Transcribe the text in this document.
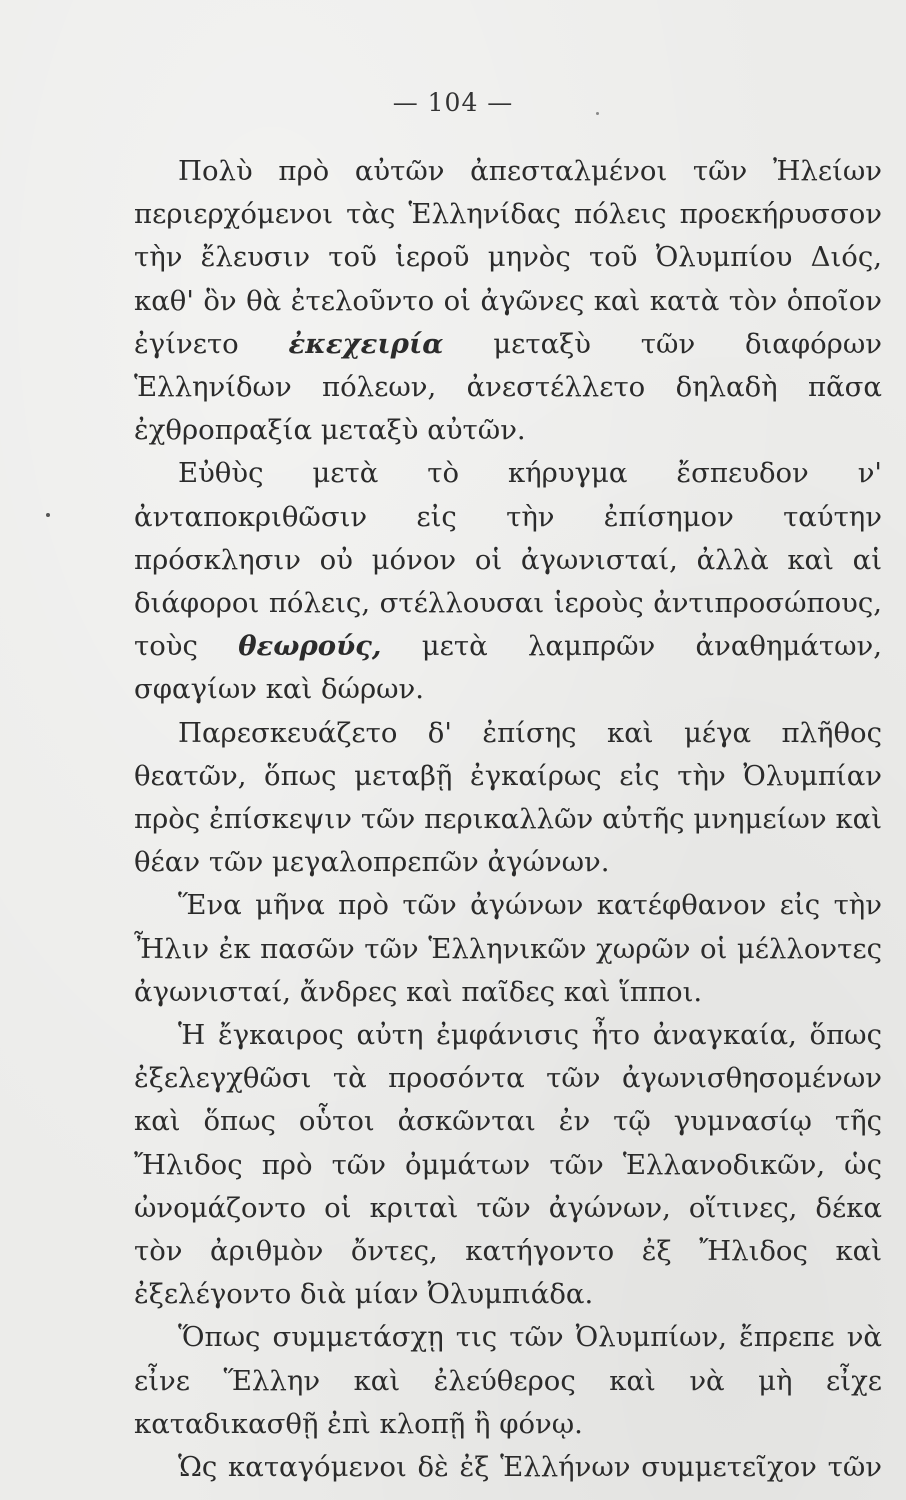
— 104 —

Πολὺ πρὸ αὐτῶν ἀπεσταλμένοι τῶν Ἠλείων περιερχόμενοι τὰς Ἑλληνίδας πόλεις προεκήρυσσον τὴν ἔλευσιν τοῦ ἱεροῦ μηνὸς τοῦ Ὀλυμπίου Διός, καθ' ὃν θὰ ἐτελοῦντο οἱ ἀγῶνες καὶ κατὰ τὸν ὁποῖον ἐγίνετο ἐκεχειρία μεταξὺ τῶν διαφόρων Ἑλληνίδων πόλεων, ἀνεστέλλετο δηλαδὴ πᾶσα ἐχθροπραξία μεταξὺ αὐτῶν.

Εὐθὺς μετὰ τὸ κήρυγμα ἔσπευδον ν' ἀνταποκριθῶσιν εἰς τὴν ἐπίσημον ταύτην πρόσκλησιν οὐ μόνον οἱ ἀγωνισταί, ἀλλὰ καὶ αἱ διάφοροι πόλεις, στέλλουσαι ἱεροὺς ἀντιπροσώπους, τοὺς θεωρούς, μετὰ λαμπρῶν ἀναθημάτων, σφαγίων καὶ δώρων.

Παρεσκευάζετο δ' ἐπίσης καὶ μέγα πλῆθος θεατῶν, ὅπως μεταβῇ ἐγκαίρως εἰς τὴν Ὀλυμπίαν πρὸς ἐπίσκεψιν τῶν περικαλλῶν αὐτῆς μνημείων καὶ θέαν τῶν μεγαλοπρεπῶν ἀγώνων.

Ἕνα μῆνα πρὸ τῶν ἀγώνων κατέφθανον εἰς τὴν Ἦλιν ἐκ πασῶν τῶν Ἑλληνικῶν χωρῶν οἱ μέλλοντες ἀγωνισταί, ἄνδρες καὶ παῖδες καὶ ἵπποι.

Ἡ ἔγκαιρος αὐτη ἐμφάνισις ἦτο ἀναγκαία, ὅπως ἐξελεγχθῶσι τὰ προσόντα τῶν ἀγωνισθησομένων καὶ ὅπως οὗτοι ἀσκῶνται ἐν τῷ γυμνασίῳ τῆς Ἤλιδος πρὸ τῶν ὀμμάτων τῶν Ἑλλανοδικῶν, ὡς ὠνομάζοντο οἱ κριταὶ τῶν ἀγώνων, οἵτινες, δέκα τὸν ἀριθμὸν ὄντες, κατήγοντο ἐξ Ἤλιδος καὶ ἐξελέγοντο διὰ μίαν Ὀλυμπιάδα.

Ὅπως συμμετάσχῃ τις τῶν Ὀλυμπίων, ἔπρεπε νὰ εἶνε Ἕλλην καὶ ἐλεύθερος καὶ νὰ μὴ εἶχε καταδικασθῇ ἐπὶ κλοπῇ ἢ φόνῳ.

Ὡς καταγόμενοι δὲ ἐξ Ἑλλήνων συμμετεῖχον τῶν
